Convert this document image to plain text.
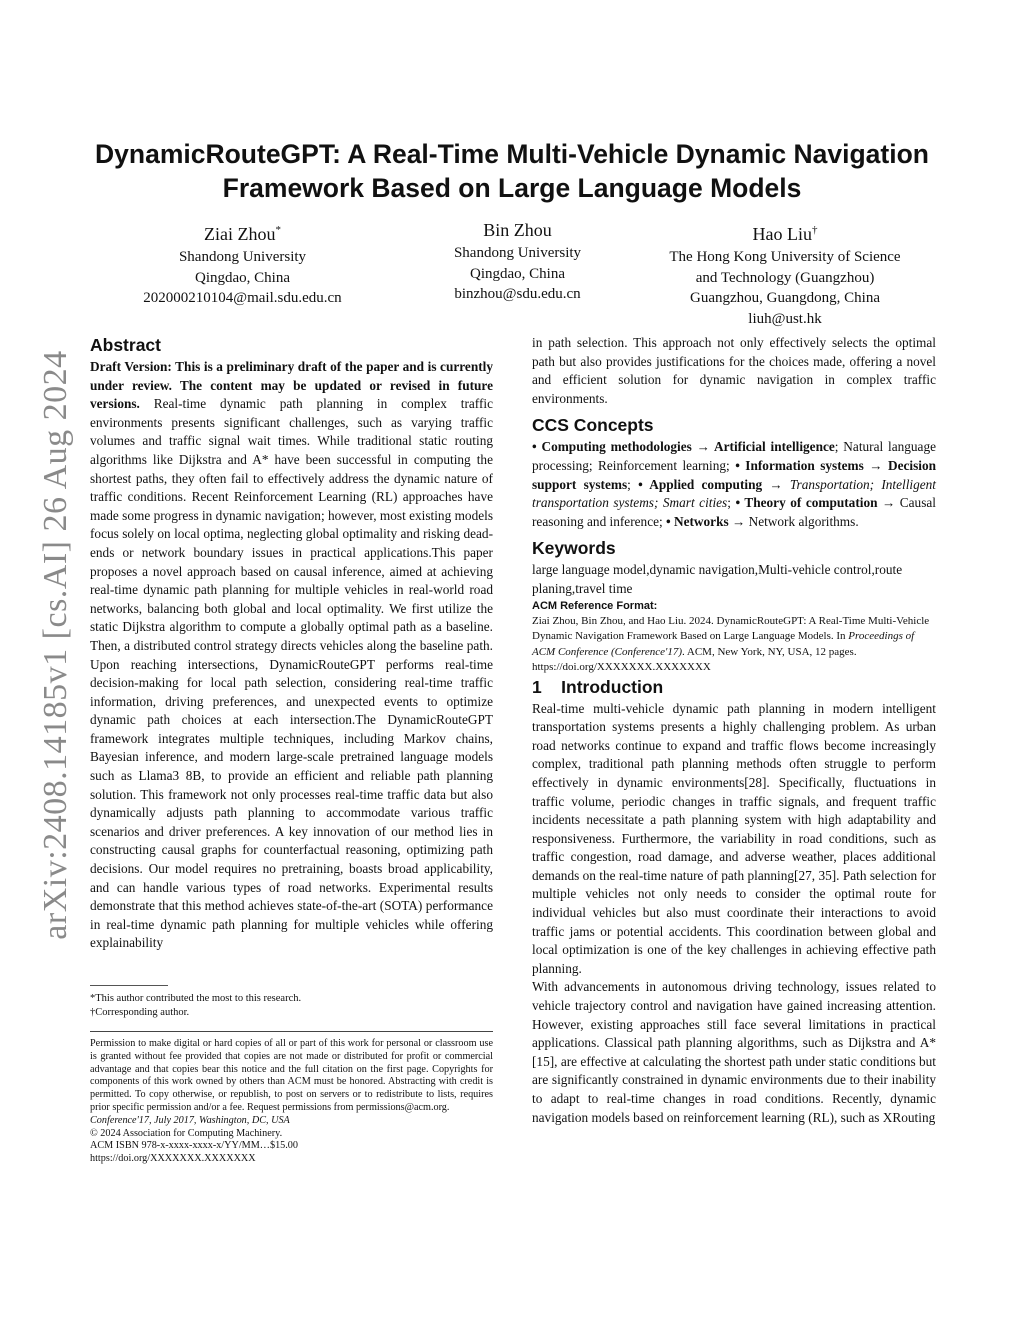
arXiv:2408.14185v1 [cs.AI] 26 Aug 2024
DynamicRouteGPT: A Real-Time Multi-Vehicle Dynamic Navigation Framework Based on Large Language Models
Ziai Zhou*
Shandong University
Qingdao, China
202000210104@mail.sdu.edu.cn
Bin Zhou
Shandong University
Qingdao, China
binzhou@sdu.edu.cn
Hao Liu†
The Hong Kong University of Science
and Technology (Guangzhou)
Guangzhou, Guangdong, China
liuh@ust.hk
Abstract

Draft Version: This is a preliminary draft of the paper and is currently under review. The content may be updated or revised in future versions. Real-time dynamic path planning in complex traffic environments presents significant challenges, such as varying traffic volumes and traffic signal wait times. While traditional static routing algorithms like Dijkstra and A* have been successful in computing the shortest paths, they often fail to effectively address the dynamic nature of traffic conditions. Recent Reinforcement Learning (RL) approaches have made some progress in dynamic navigation; however, most existing models focus solely on local optima, neglecting global optimality and risking dead-ends or network boundary issues in practical applications.This paper proposes a novel approach based on causal inference, aimed at achieving real-time dynamic path planning for multiple vehicles in real-world road networks, balancing both global and local optimality. We first utilize the static Dijkstra algorithm to compute a globally optimal path as a baseline. Then, a distributed control strategy directs vehicles along the baseline path. Upon reaching intersections, DynamicRouteGPT performs real-time decision-making for local path selection, considering real-time traffic information, driving preferences, and unexpected events to optimize dynamic path choices at each intersection.The DynamicRouteGPT framework integrates multiple techniques, including Markov chains, Bayesian inference, and modern large-scale pretrained language models such as Llama3 8B, to provide an efficient and reliable path planning solution. This framework not only processes real-time traffic data but also dynamically adjusts path planning to accommodate various traffic scenarios and driver preferences. A key innovation of our method lies in constructing causal graphs for counterfactual reasoning, optimizing path decisions. Our model requires no pretraining, boasts broad applicability, and can handle various types of road networks. Experimental results demonstrate that this method achieves state-of-the-art (SOTA) performance in real-time dynamic path planning for multiple vehicles while offering explainability

*This author contributed the most to this research.

†Corresponding author.

Permission to make digital or hard copies of all or part of this work for personal or classroom use is granted without fee provided that copies are not made or distributed for profit or commercial advantage and that copies bear this notice and the full citation on the first page. Copyrights for components of this work owned by others than ACM must be honored. Abstracting with credit is permitted. To copy otherwise, or republish, to post on servers or to redistribute to lists, requires prior specific permission and/or a fee. Request permissions from permissions@acm.org.

Conference'17, July 2017, Washington, DC, USA

© 2024 Association for Computing Machinery.

ACM ISBN 978-x-xxxx-xxxx-x/YY/MM…$15.00

https://doi.org/XXXXXXX.XXXXXXX

in path selection. This approach not only effectively selects the optimal path but also provides justifications for the choices made, offering a novel and efficient solution for dynamic navigation in complex traffic environments.

CCS Concepts

• Computing methodologies → Artificial intelligence; Natural language processing; Reinforcement learning; • Information systems → Decision support systems; • Applied computing → Transportation; Intelligent transportation systems; Smart cities; • Theory of computation → Causal reasoning and inference; • Networks → Network algorithms.

Keywords

large language model,dynamic navigation,Multi-vehicle control,route planing,travel time

ACM Reference Format:

Ziai Zhou, Bin Zhou, and Hao Liu. 2024. DynamicRouteGPT: A Real-Time Multi-Vehicle Dynamic Navigation Framework Based on Large Language Models. In Proceedings of ACM Conference (Conference'17). ACM, New York, NY, USA, 12 pages. https://doi.org/XXXXXXX.XXXXXXX

1    Introduction

Real-time multi-vehicle dynamic path planning in modern intelligent transportation systems presents a highly challenging problem. As urban road networks continue to expand and traffic flows become increasingly complex, traditional path planning methods often struggle to perform effectively in dynamic environments[28]. Specifically, fluctuations in traffic volume, periodic changes in traffic signals, and frequent traffic incidents necessitate a path planning system with high adaptability and responsiveness. Furthermore, the variability in road conditions, such as traffic congestion, road damage, and adverse weather, places additional demands on the real-time nature of path planning[27, 35]. Path selection for multiple vehicles not only needs to consider the optimal route for individual vehicles but also must coordinate their interactions to avoid traffic jams or potential accidents. This coordination between global and local optimization is one of the key challenges in achieving effective path planning.

With advancements in autonomous driving technology, issues related to vehicle trajectory control and navigation have gained increasing attention. However, existing approaches still face several limitations in practical applications. Classical path planning algorithms, such as Dijkstra and A* [15], are effective at calculating the shortest path under static conditions but are significantly constrained in dynamic environments due to their inability to adapt to real-time changes in road conditions. Recently, dynamic navigation models based on reinforcement learning (RL), such as XRouting
